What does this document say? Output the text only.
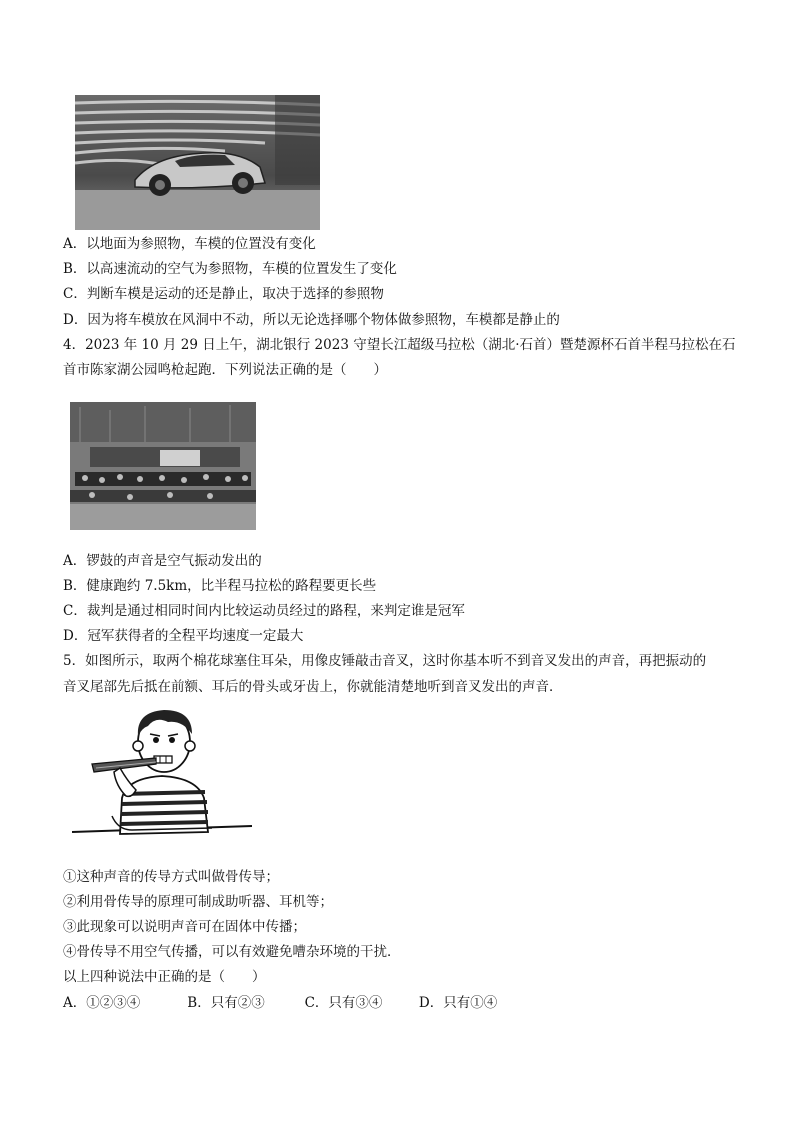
A．以地面为参照物，车模的位置没有变化
B．以高速流动的空气为参照物，车模的位置发生了变化
C．判断车模是运动的还是静止，取决于选择的参照物
D．因为将车模放在风洞中不动，所以无论选择哪个物体做参照物，车模都是静止的
4．2023 年 10 月 29 日上午，湖北银行 2023 守望长江超级马拉松（湖北·石首）暨楚源杯石首半程马拉松在石
首市陈家湖公园鸣枪起跑．下列说法正确的是（　　）
A．锣鼓的声音是空气振动发出的
B．健康跑约 7.5km，比半程马拉松的路程要更长些
C．裁判是通过相同时间内比较运动员经过的路程，来判定谁是冠军
D．冠军获得者的全程平均速度一定最大
5．如图所示，取两个棉花球塞住耳朵，用像皮锤敲击音叉，这时你基本听不到音叉发出的声音，再把振动的
音叉尾部先后抵在前额、耳后的骨头或牙齿上，你就能清楚地听到音叉发出的声音．
①这种声音的传导方式叫做骨传导；
②利用骨传导的原理可制成助听器、耳机等；
③此现象可以说明声音可在固体中传播；
④骨传导不用空气传播，可以有效避免嘈杂环境的干扰．
以上四种说法中正确的是（　　）
A．①②③④	B．只有②③	C．只有③④	D．只有①④
